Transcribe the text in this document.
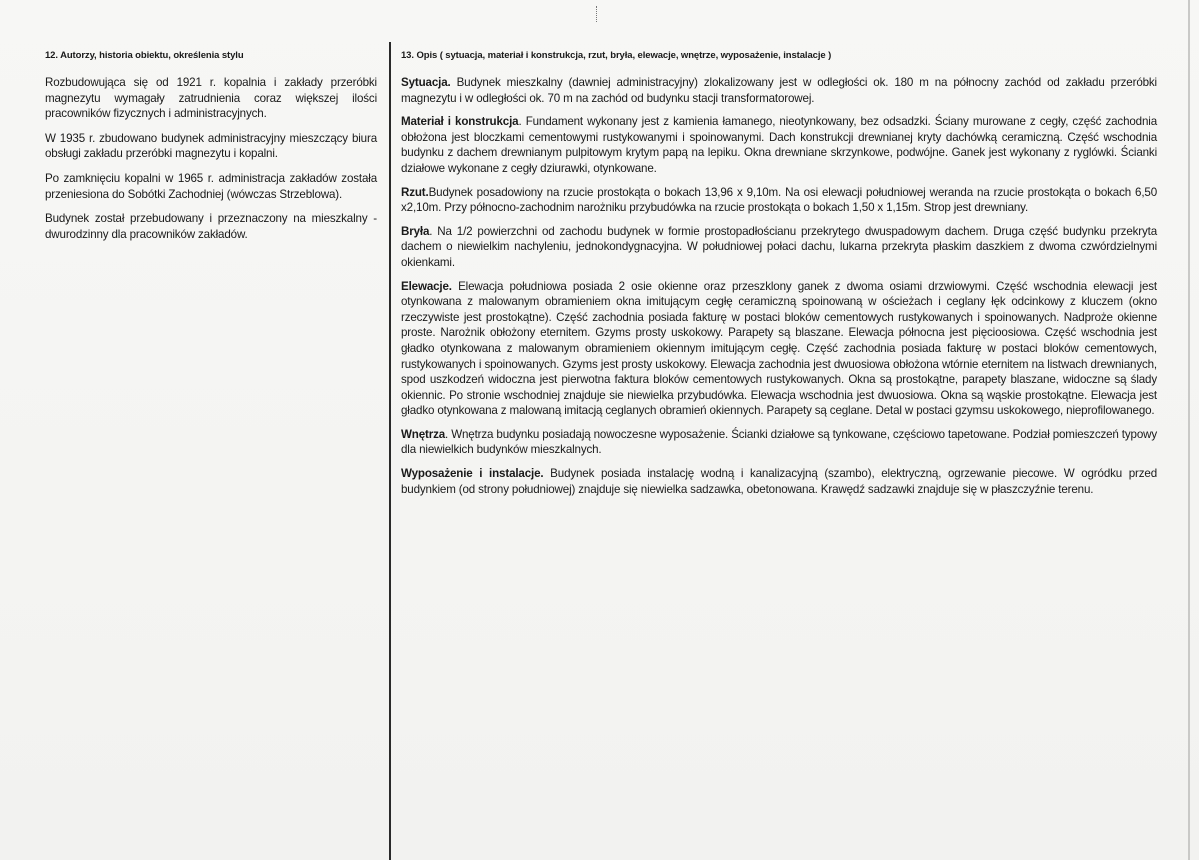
12. Autorzy, historia obiektu, określenia stylu

Rozbudowująca się od 1921 r. kopalnia i zakłady przeróbki magnezytu wymagały zatrudnienia coraz większej ilości pracowników fizycznych i administracyjnych.

W 1935 r. zbudowano budynek administracyjny mieszczący biura obsługi zakładu przeróbki magnezytu i kopalni.

Po zamknięciu kopalni w 1965 r. administracja zakładów została przeniesiona do Sobótki Zachodniej (wówczas Strzeblowa).

Budynek został przebudowany i przeznaczony na mieszkalny - dwurodzinny dla pracowników zakładów.

13. Opis ( sytuacja, materiał i konstrukcja, rzut, bryła, elewacje, wnętrze, wyposażenie, instalacje )

Sytuacja. Budynek mieszkalny (dawniej administracyjny) zlokalizowany jest w odległości ok. 180 m na północny zachód od zakładu przeróbki magnezytu i w odległości ok. 70 m na zachód od budynku stacji transformatorowej.

Materiał i konstrukcja. Fundament wykonany jest z kamienia łamanego, nieotynkowany, bez odsadzki. Ściany murowane z cegły, część zachodnia obłożona jest bloczkami cementowymi rustykowanymi i spoinowanymi. Dach konstrukcji drewnianej kryty dachówką ceramiczną. Część wschodnia budynku z dachem drewnianym pulpitowym krytym papą na lepiku. Okna drewniane skrzynkowe, podwójne. Ganek jest wykonany z ryglówki. Ścianki działowe wykonane z cegły dziurawki, otynkowane.

Rzut.Budynek posadowiony na rzucie prostokąta o bokach 13,96 x 9,10m. Na osi elewacji południowej weranda na rzucie prostokąta o bokach 6,50 x2,10m. Przy północno-zachodnim narożniku przybudówka na rzucie prostokąta o bokach 1,50 x 1,15m. Strop jest drewniany.

Bryła. Na 1/2 powierzchni od zachodu budynek w formie prostopadłościanu przekrytego dwuspadowym dachem. Druga część budynku przekryta dachem o niewielkim nachyleniu, jednokondygnacyjna. W południowej połaci dachu, lukarna przekryta płaskim daszkiem z dwoma czwórdzielnymi okienkami.

Elewacje. Elewacja południowa posiada 2 osie okienne oraz przeszklony ganek z dwoma osiami drzwiowymi. Część wschodnia elewacji jest otynkowana z malowanym obramieniem okna imitującym cegłę ceramiczną spoinowaną w ościeżach i ceglany łęk odcinkowy z kluczem (okno rzeczywiste jest prostokątne). Część zachodnia posiada fakturę w postaci bloków cementowych rustykowanych i spoinowanych. Nadproże okienne proste. Narożnik obłożony eternitem. Gzyms prosty uskokowy. Parapety są blaszane. Elewacja północna jest pięcioosiowa. Część wschodnia jest gładko otynkowana z malowanym obramieniem okiennym imitującym cegłę. Część zachodnia posiada fakturę w postaci bloków cementowych, rustykowanych i spoinowanych. Gzyms jest prosty uskokowy. Elewacja zachodnia jest dwuosiowa obłożona wtórnie eternitem na listwach drewnianych, spod uszkodzeń widoczna jest pierwotna faktura bloków cementowych rustykowanych. Okna są prostokątne, parapety blaszane, widoczne są ślady okiennic. Po stronie wschodniej znajduje sie niewielka przybudówka. Elewacja wschodnia jest dwuosiowa. Okna są wąskie prostokątne. Elewacja jest gładko otynkowana z malowaną imitacją ceglanych obramień okiennych. Parapety są ceglane. Detal w postaci gzymsu uskokowego, nieprofilowanego.

Wnętrza. Wnętrza budynku posiadają nowoczesne wyposażenie. Ścianki działowe są tynkowane, częściowo tapetowane. Podział pomieszczeń typowy dla niewielkich budynków mieszkalnych.

Wyposażenie i instalacje. Budynek posiada instalację wodną i kanalizacyjną (szambo), elektryczną, ogrzewanie piecowe. W ogródku przed budynkiem (od strony południowej) znajduje się niewielka sadzawka, obetonowana. Krawędź sadzawki znajduje się w płaszczyźnie terenu.
